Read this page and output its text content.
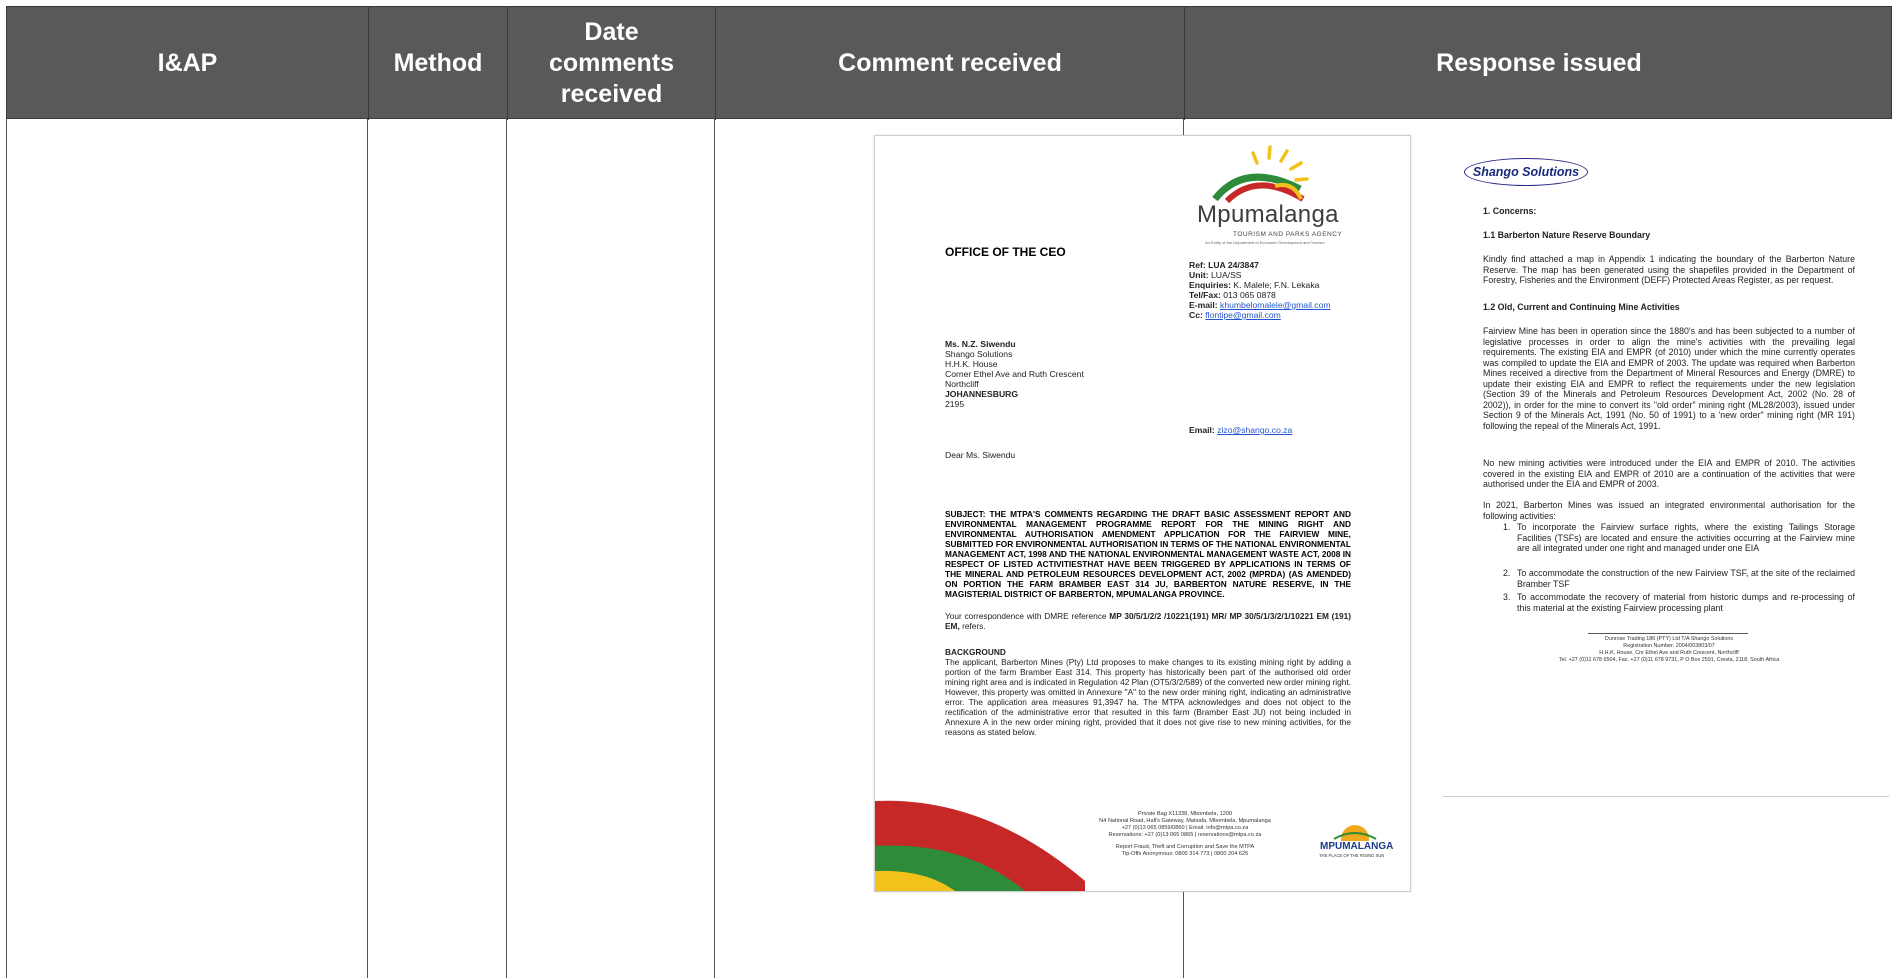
I&AP	Method
Date comments received
Comment received	Response issued
Mpumalanga
TOURISM AND PARKS AGENCY
An Entity of the Department of Economic Development and Tourism
OFFICE OF THE CEO
Ref: LUA 24/3847
Unit: LUA/SS
Enquiries: K. Malele; F.N. Lekaka
Tel/Fax: 013 065 0878
E-mail: khumbelomalele@gmail.com
Cc: flontipe@gmail.com
Ms. N.Z. Siwendu
Shango Solutions
H.H.K. House
Corner Ethel Ave and Ruth Crescent
Northcliff
JOHANNESBURG
2195
Email: zizo@shango.co.za
Dear Ms. Siwendu
SUBJECT: THE MTPA'S COMMENTS REGARDING THE DRAFT BASIC ASSESSMENT REPORT AND ENVIRONMENTAL MANAGEMENT PROGRAMME REPORT FOR THE MINING RIGHT AND ENVIRONMENTAL AUTHORISATION AMENDMENT APPLICATION FOR THE FAIRVIEW MINE, SUBMITTED FOR ENVIRONMENTAL AUTHORISATION IN TERMS OF THE NATIONAL ENVIRONMENTAL MANAGEMENT ACT, 1998 AND THE NATIONAL ENVIRONMENTAL MANAGEMENT WASTE ACT, 2008 IN RESPECT OF LISTED ACTIVITIESTHAT HAVE BEEN TRIGGERED BY APPLICATIONS IN TERMS OF THE MINERAL AND PETROLEUM RESOURCES DEVELOPMENT ACT, 2002 (MPRDA) (AS AMENDED) ON PORTION THE FARM BRAMBER EAST 314 JU, BARBERTON NATURE RESERVE, IN THE MAGISTERIAL DISTRICT OF BARBERTON, MPUMALANGA PROVINCE.
Your correspondence with DMRE reference MP 30/5/1/2/2 /10221(191) MR/ MP 30/5/1/3/2/1/10221 EM (191) EM, refers.
BACKGROUND
The applicant, Barberton Mines (Pty) Ltd proposes to make changes to its existing mining right by adding a portion of the farm Bramber East 314. This property has historically been part of the authorised old order mining right area and is indicated in Regulation 42 Plan (OT5/3/2/589) of the converted new order mining right. However, this property was omitted in Annexure "A" to the new order mining right, indicating an administrative error. The application area measures 91,3947 ha. The MTPA acknowledges and does not object to the rectification of the administrative error that resulted in this farm (Bramber East JU) not being included in Annexure A in the new order mining right, provided that it does not give rise to new mining activities, for the reasons as stated below.
Private Bag X11338, Mbombela, 1200
N4 National Road, Hall's Gateway, Matsafa, Mbombela, Mpumalanga
+27 (0)13 065 0859/0860 | Email: info@mtpa.co.za
Reservations: +27 (0)13 065 0865 | reservations@mtpa.co.za
Report Fraud, Theft and Corruption and Save the MTPA
Tip-Offs Anonymous: 0800 314 773 | 0800 204 625
MPUMALANGA
THE PLACE OF THE RISING SUN
Shango Solutions
1. Concerns:
1.1 Barberton Nature Reserve Boundary
Kindly find attached a map in Appendix 1 indicating the boundary of the Barberton Nature Reserve. The map has been generated using the shapefiles provided in the Department of Forestry, Fisheries and the Environment (DEFF) Protected Areas Register, as per request.
1.2 Old, Current and Continuing Mine Activities
Fairview Mine has been in operation since the 1880's and has been subjected to a number of legislative processes in order to align the mine's activities with the prevailing legal requirements. The existing EIA and EMPR (of 2010) under which the mine currently operates was compiled to update the EIA and EMPR of 2003. The update was required when Barberton Mines received a directive from the Department of Mineral Resources and Energy (DMRE) to update their existing EIA and EMPR to reflect the requirements under the new legislation (Section 39 of the Minerals and Petroleum Resources Development Act, 2002 (No. 28 of 2002)), in order for the mine to convert its "old order" mining right (ML28/2003), issued under Section 9 of the Minerals Act, 1991 (No. 50 of 1991) to a 'new order" mining right (MR 191) following the repeal of the Minerals Act, 1991.
No new mining activities were introduced under the EIA and EMPR of 2010. The activities covered in the existing EIA and EMPR of 2010 are a continuation of the activities that were authorised under the EIA and EMPR of 2003.
In 2021, Barberton Mines was issued an integrated environmental authorisation for the following activities:
1. To incorporate the Fairview surface rights, where the existing Tailings Storage Facilities (TSFs) are located and ensure the activities occurring at the Fairview mine are all integrated under one right and managed under one EIA
2. To accommodate the construction of the new Fairview TSF, at the site of the reclaimed Bramber TSF
3. To accommodate the recovery of material from historic dumps and re-processing of this material at the existing Fairview processing plant
Dunrose Trading 186 (PTY) Ltd T/A Shango Solutions
Registration Number: 2004/003803/07
H.H.K. House, Cnr Ethel Ave and Ruth Crescent, Northcliff
Tel. +27 (0)11 678 6504, Fax. +27 (0)11 678 9731, P O Box 2591, Cresta, 2118, South Africa
